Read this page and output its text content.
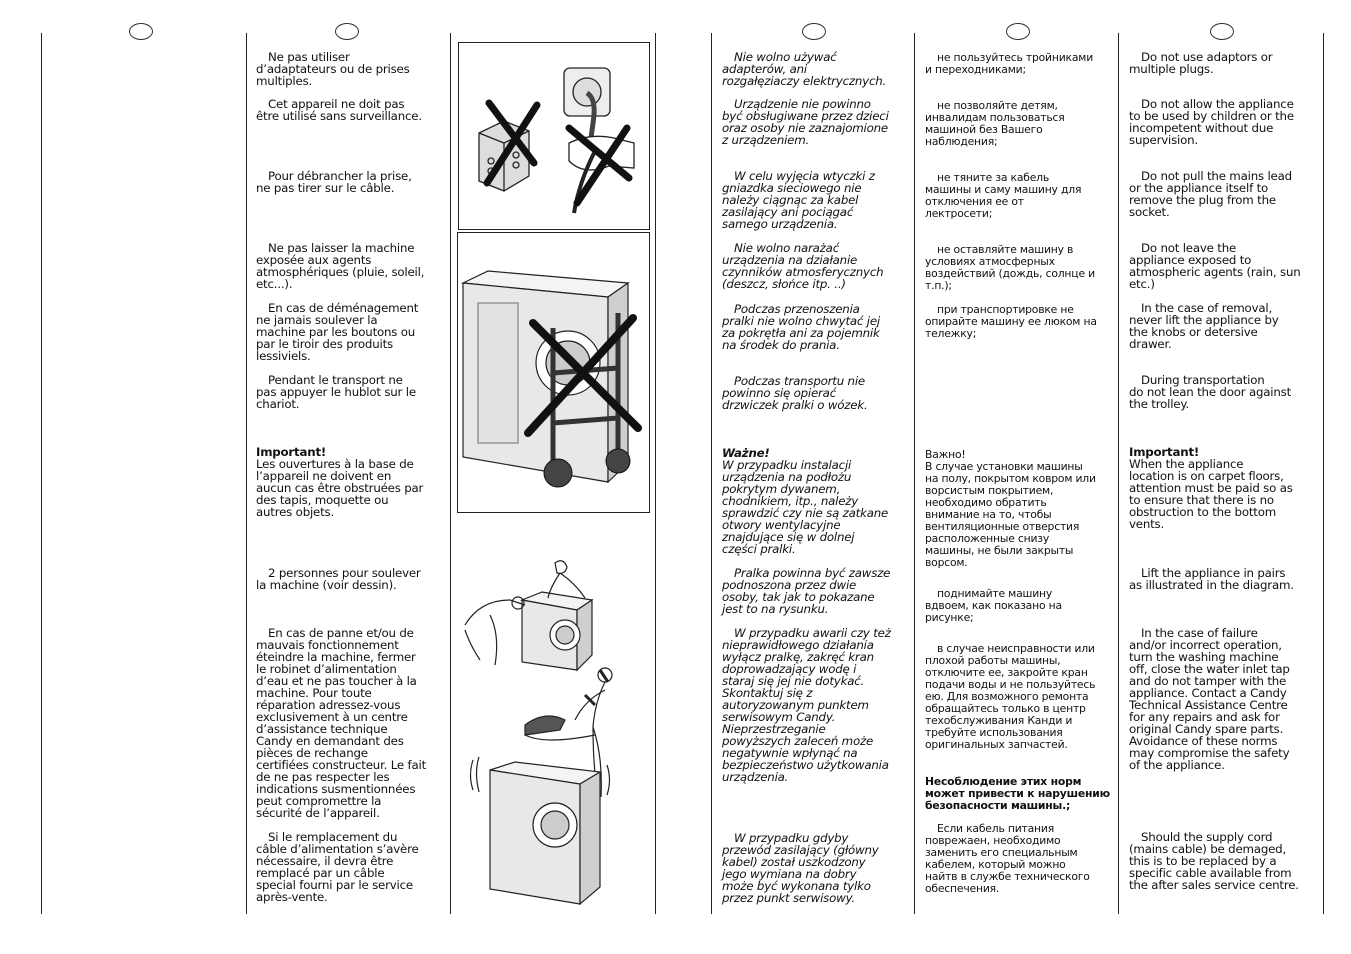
Ne pas utiliser
d’adaptateurs ou de prises
multiples.

Cet appareil ne doit pas
être utilisé sans surveillance.

Pour débrancher la prise,
ne pas tirer sur le câble.

Ne pas laisser la machine
exposée aux agents
atmosphériques (pluie, soleil,
etc...).

En cas de déménagement
ne jamais soulever la
machine par les boutons ou
par le tiroir des produits
lessiviels.

Pendant le transport ne
pas appuyer le hublot sur le
chariot.

Important!

Les ouvertures à la base de
l’appareil ne doivent en
aucun cas être obstruées par
des tapis, moquette ou
autres objets.

2 personnes pour soulever
la machine (voir dessin).

En cas de panne et/ou de
mauvais fonctionnement
éteindre la machine, fermer
le robinet d’alimentation
d’eau et ne pas toucher à la
machine. Pour toute
réparation adressez-vous
exclusivement à un centre
d’assistance technique
Candy en demandant des
pièces de rechange
certifiées constructeur. Le fait
de ne pas respecter les
indications susmentionnées
peut compromettre la
sécurité de l’appareil.

Si le remplacement du
câble d’alimentation s’avère
nécessaire, il devra être
remplacé par un câble
special fourni par le service
après-vente.

Nie wolno używać
adapterów, ani
rozgałęziaczy elektrycznych.

Urządzenie nie powinno
być obsługiwane przez dzieci
oraz osoby nie zaznajomione
z urządzeniem.

W celu wyjęcia wtyczki z
gniazdka sieciowego nie
należy ciągnąc za kabel
zasilający ani pociągać
samego urządzenia.

Nie wolno narażać
urządzenia na działanie
czynników atmosferycznych
(deszcz, słońce itp. ..)

Podczas przenoszenia
pralki nie wolno chwytać jej
za pokrętła ani za pojemnik
na środek do prania.

Podczas transportu nie
powinno się opierać
drzwiczek pralki o wózek.

Ważne!

W przypadku instalacji
urządzenia na podłożu
pokrytym dywanem,
chodnikiem, itp., należy
sprawdzić czy nie są zatkane
otwory wentylacyjne
znajdujące się w dolnej
części pralki.

Pralka powinna być zawsze
podnoszona przez dwie
osoby, tak jak to pokazane
jest to na rysunku.

W przypadku awarii czy też
nieprawidłowego działania
wyłącz pralkę, zakręć kran
doprowadzający wodę i
staraj się jej nie dotykać.
Skontaktuj się z
autoryzowanym punktem
serwisowym Candy.
Nieprzestrzeganie
powyższych zaleceń może
negatywnie wpłynąć na
bezpieczeństwo użytkowania
urządzenia.

W przypadku gdyby
przewód zasilający (główny
kabel) został uszkodzony
jego wymiana na dobry
może być wykonana tylko
przez punkt serwisowy.

не пользуйтесь тройниками
и переходниками;

не позволяйте детям,
инвалидам пользоваться
машиной без Вашего
наблюдения;

не тяните за кабель
машины и саму машину для
отключения ее от
лектросети;

не оставляйте машину в
условиях атмосферных
воздействий (дождь, солнце и
т.п.);

при транспортировке не
опирайте машину ее люком на
тележку;

Важно!

В случае установки машины
на полу, покрытом ковром или
ворсистым покрытием,
необходимо обратить
внимание на то, чтобы
вентиляционные отверстия
расположенные снизу
машины, не были закрыты
ворсом.

поднимайте машину
вдвоем, как показано на
рисунке;

в случае неисправности или
плохой работы машины,
отключите ее, закройте кран
подачи воды и не пользуйтесь
ею. Для возможного ремонта
обращайтесь только в центр
техобслуживания Канди и
требуйте использования
оригинальных запчастей.

Несоблюдение этих норм
может привести к нарушению
безопасности машины.;

Если кабель питания
поврежаен, необходимо
заменить его специальным
кабелем, который можно
найтв в службе технического
обеспечения.

Do not use adaptors or
multiple plugs.

Do not allow the appliance
to be used by children or the
incompetent without due
supervision.

Do not pull the mains lead
or the appliance itself to
remove the plug from the
socket.

Do not leave the
appliance exposed to
atmospheric agents (rain, sun
etc.)

In the case of removal,
never lift the appliance by
the knobs or detersive
drawer.

During transportation
do not lean the door against
the trolley.

Important!

When the appliance
location is on carpet floors,
attention must be paid so as
to ensure that there is no
obstruction to the bottom
vents.

Lift the appliance in pairs
as illustrated in the diagram.

In the case of failure
and/or incorrect operation,
turn the washing machine
off, close the water inlet tap
and do not tamper with the
appliance. Contact a Candy
Technical Assistance Centre
for any repairs and ask for
original Candy spare parts.
Avoidance of these norms
may compromise the safety
of the appliance.

Should the supply cord
(mains cable) be demaged,
this is to be replaced by a
specific cable available from
the after sales service centre.
